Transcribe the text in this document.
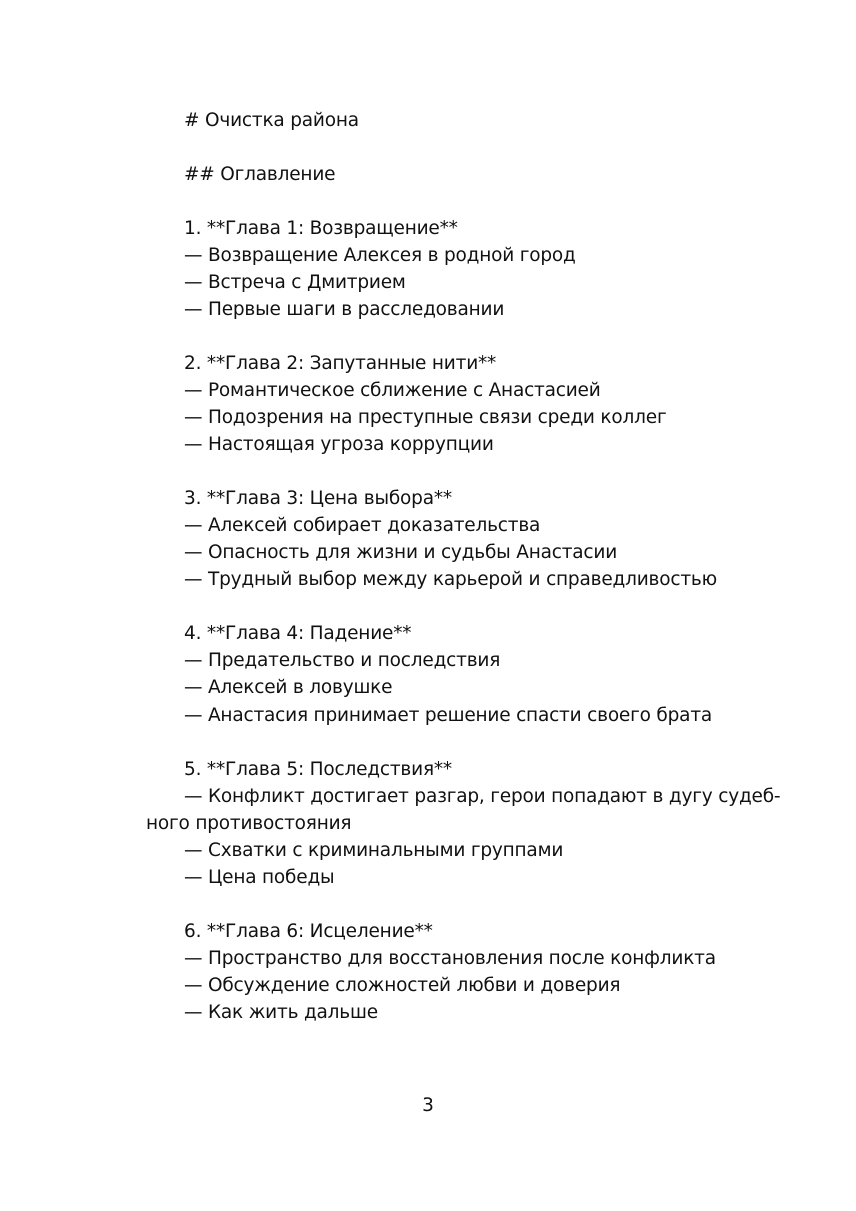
# Очистка района
## Оглавление
1. **Глава 1: Возвращение**
— Возвращение Алексея в родной город
— Встреча с Дмитрием
— Первые шаги в расследовании
2. **Глава 2: Запутанные нити**
— Романтическое сближение с Анастасией
— Подозрения на преступные связи среди коллег
— Настоящая угроза коррупции
3. **Глава 3: Цена выбора**
— Алексей собирает доказательства
— Опасность для жизни и судьбы Анастасии
— Трудный выбор между карьерой и справедливостью
4. **Глава 4: Падение**
— Предательство и последствия
— Алексей в ловушке
— Анастасия принимает решение спасти своего брата
5. **Глава 5: Последствия**
— Конфликт достигает разгар, герои попадают в дугу судеб-
ного противостояния
— Схватки с криминальными группами
— Цена победы
6. **Глава 6: Исцеление**
— Пространство для восстановления после конфликта
— Обсуждение сложностей любви и доверия
— Как жить дальше
3
